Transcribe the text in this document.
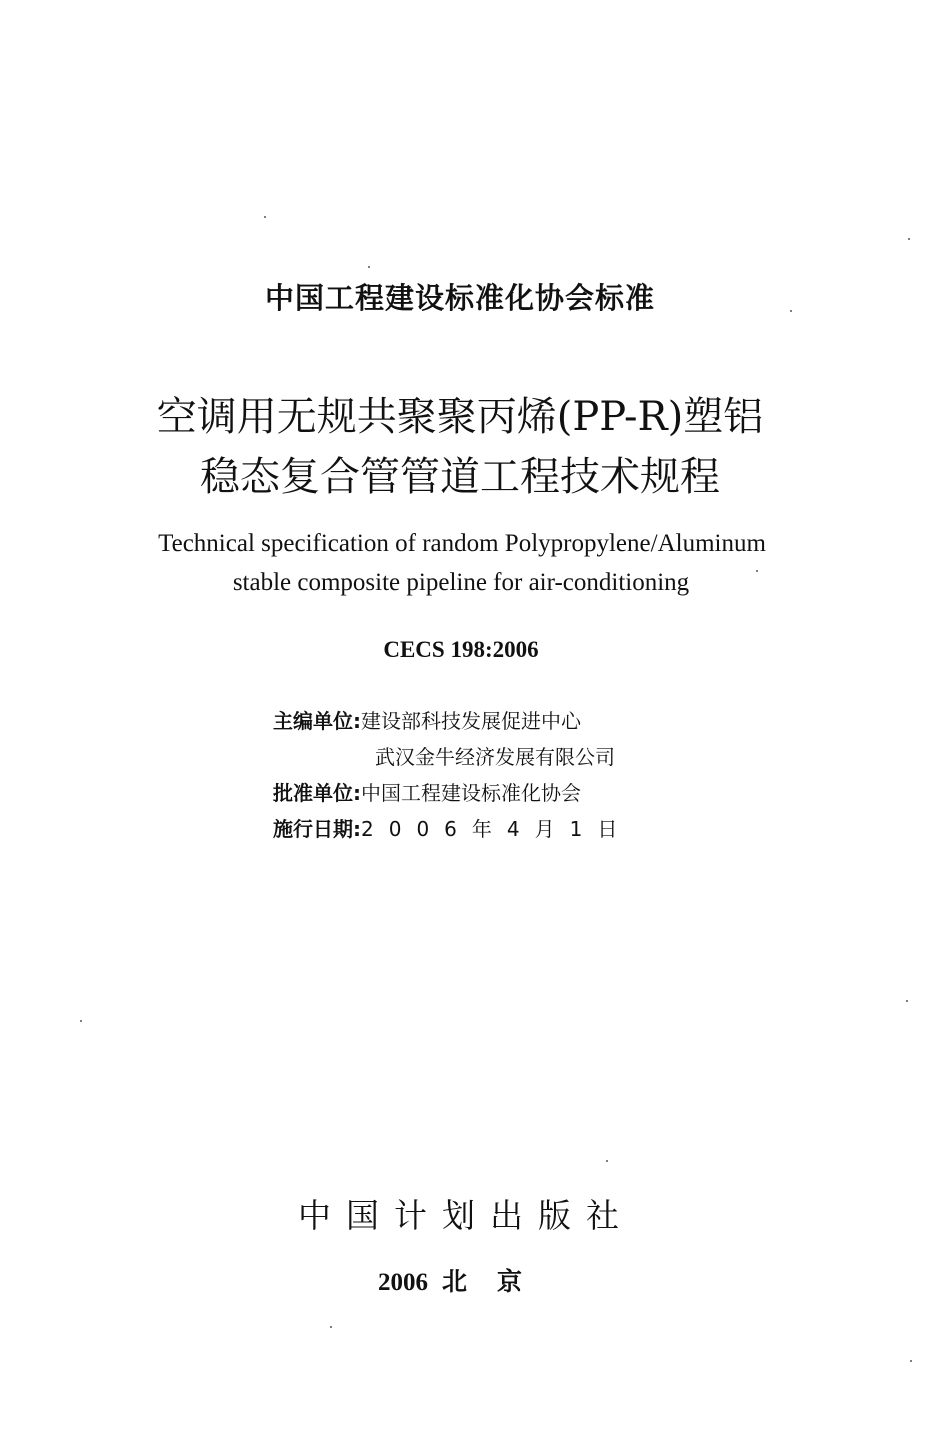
中国工程建设标准化协会标准
空调用无规共聚聚丙烯(PP-R)塑铝
稳态复合管管道工程技术规程
Technical specification of random Polypropylene/Aluminum
stable composite pipeline for air-conditioning
CECS 198:2006
主编单位:建设部科技发展促进中心
武汉金牛经济发展有限公司
批准单位:中国工程建设标准化协会
施行日期:2006年4月1日
中国计划出版社
2006 北京
